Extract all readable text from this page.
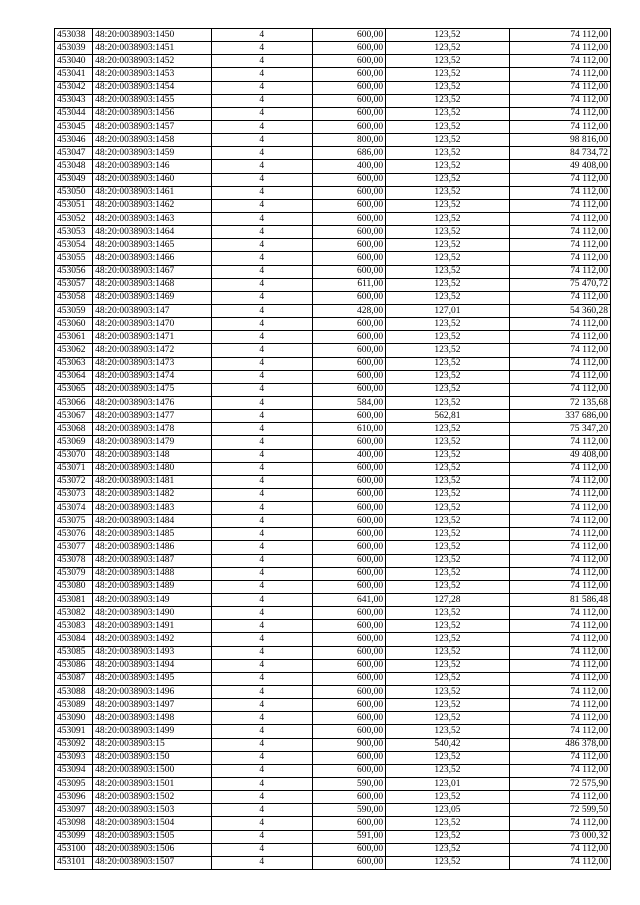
453038	48:20:0038903:1450	4	600,00	123,52	74 112,00
453039	48:20:0038903:1451	4	600,00	123,52	74 112,00
453040	48:20:0038903:1452	4	600,00	123,52	74 112,00
453041	48:20:0038903:1453	4	600,00	123,52	74 112,00
453042	48:20:0038903:1454	4	600,00	123,52	74 112,00
453043	48:20:0038903:1455	4	600,00	123,52	74 112,00
453044	48:20:0038903:1456	4	600,00	123,52	74 112,00
453045	48:20:0038903:1457	4	600,00	123,52	74 112,00
453046	48:20:0038903:1458	4	800,00	123,52	98 816,00
453047	48:20:0038903:1459	4	686,00	123,52	84 734,72
453048	48:20:0038903:146	4	400,00	123,52	49 408,00
453049	48:20:0038903:1460	4	600,00	123,52	74 112,00
453050	48:20:0038903:1461	4	600,00	123,52	74 112,00
453051	48:20:0038903:1462	4	600,00	123,52	74 112,00
453052	48:20:0038903:1463	4	600,00	123,52	74 112,00
453053	48:20:0038903:1464	4	600,00	123,52	74 112,00
453054	48:20:0038903:1465	4	600,00	123,52	74 112,00
453055	48:20:0038903:1466	4	600,00	123,52	74 112,00
453056	48:20:0038903:1467	4	600,00	123,52	74 112,00
453057	48:20:0038903:1468	4	611,00	123,52	75 470,72
453058	48:20:0038903:1469	4	600,00	123,52	74 112,00
453059	48:20:0038903:147	4	428,00	127,01	54 360,28
453060	48:20:0038903:1470	4	600,00	123,52	74 112,00
453061	48:20:0038903:1471	4	600,00	123,52	74 112,00
453062	48:20:0038903:1472	4	600,00	123,52	74 112,00
453063	48:20:0038903:1473	4	600,00	123,52	74 112,00
453064	48:20:0038903:1474	4	600,00	123,52	74 112,00
453065	48:20:0038903:1475	4	600,00	123,52	74 112,00
453066	48:20:0038903:1476	4	584,00	123,52	72 135,68
453067	48:20:0038903:1477	4	600,00	562,81	337 686,00
453068	48:20:0038903:1478	4	610,00	123,52	75 347,20
453069	48:20:0038903:1479	4	600,00	123,52	74 112,00
453070	48:20:0038903:148	4	400,00	123,52	49 408,00
453071	48:20:0038903:1480	4	600,00	123,52	74 112,00
453072	48:20:0038903:1481	4	600,00	123,52	74 112,00
453073	48:20:0038903:1482	4	600,00	123,52	74 112,00
453074	48:20:0038903:1483	4	600,00	123,52	74 112,00
453075	48:20:0038903:1484	4	600,00	123,52	74 112,00
453076	48:20:0038903:1485	4	600,00	123,52	74 112,00
453077	48:20:0038903:1486	4	600,00	123,52	74 112,00
453078	48:20:0038903:1487	4	600,00	123,52	74 112,00
453079	48:20:0038903:1488	4	600,00	123,52	74 112,00
453080	48:20:0038903:1489	4	600,00	123,52	74 112,00
453081	48:20:0038903:149	4	641,00	127,28	81 586,48
453082	48:20:0038903:1490	4	600,00	123,52	74 112,00
453083	48:20:0038903:1491	4	600,00	123,52	74 112,00
453084	48:20:0038903:1492	4	600,00	123,52	74 112,00
453085	48:20:0038903:1493	4	600,00	123,52	74 112,00
453086	48:20:0038903:1494	4	600,00	123,52	74 112,00
453087	48:20:0038903:1495	4	600,00	123,52	74 112,00
453088	48:20:0038903:1496	4	600,00	123,52	74 112,00
453089	48:20:0038903:1497	4	600,00	123,52	74 112,00
453090	48:20:0038903:1498	4	600,00	123,52	74 112,00
453091	48:20:0038903:1499	4	600,00	123,52	74 112,00
453092	48:20:0038903:15	4	900,00	540,42	486 378,00
453093	48:20:0038903:150	4	600,00	123,52	74 112,00
453094	48:20:0038903:1500	4	600,00	123,52	74 112,00
453095	48:20:0038903:1501	4	590,00	123,01	72 575,90
453096	48:20:0038903:1502	4	600,00	123,52	74 112,00
453097	48:20:0038903:1503	4	590,00	123,05	72 599,50
453098	48:20:0038903:1504	4	600,00	123,52	74 112,00
453099	48:20:0038903:1505	4	591,00	123,52	73 000,32
453100	48:20:0038903:1506	4	600,00	123,52	74 112,00
453101	48:20:0038903:1507	4	600,00	123,52	74 112,00
